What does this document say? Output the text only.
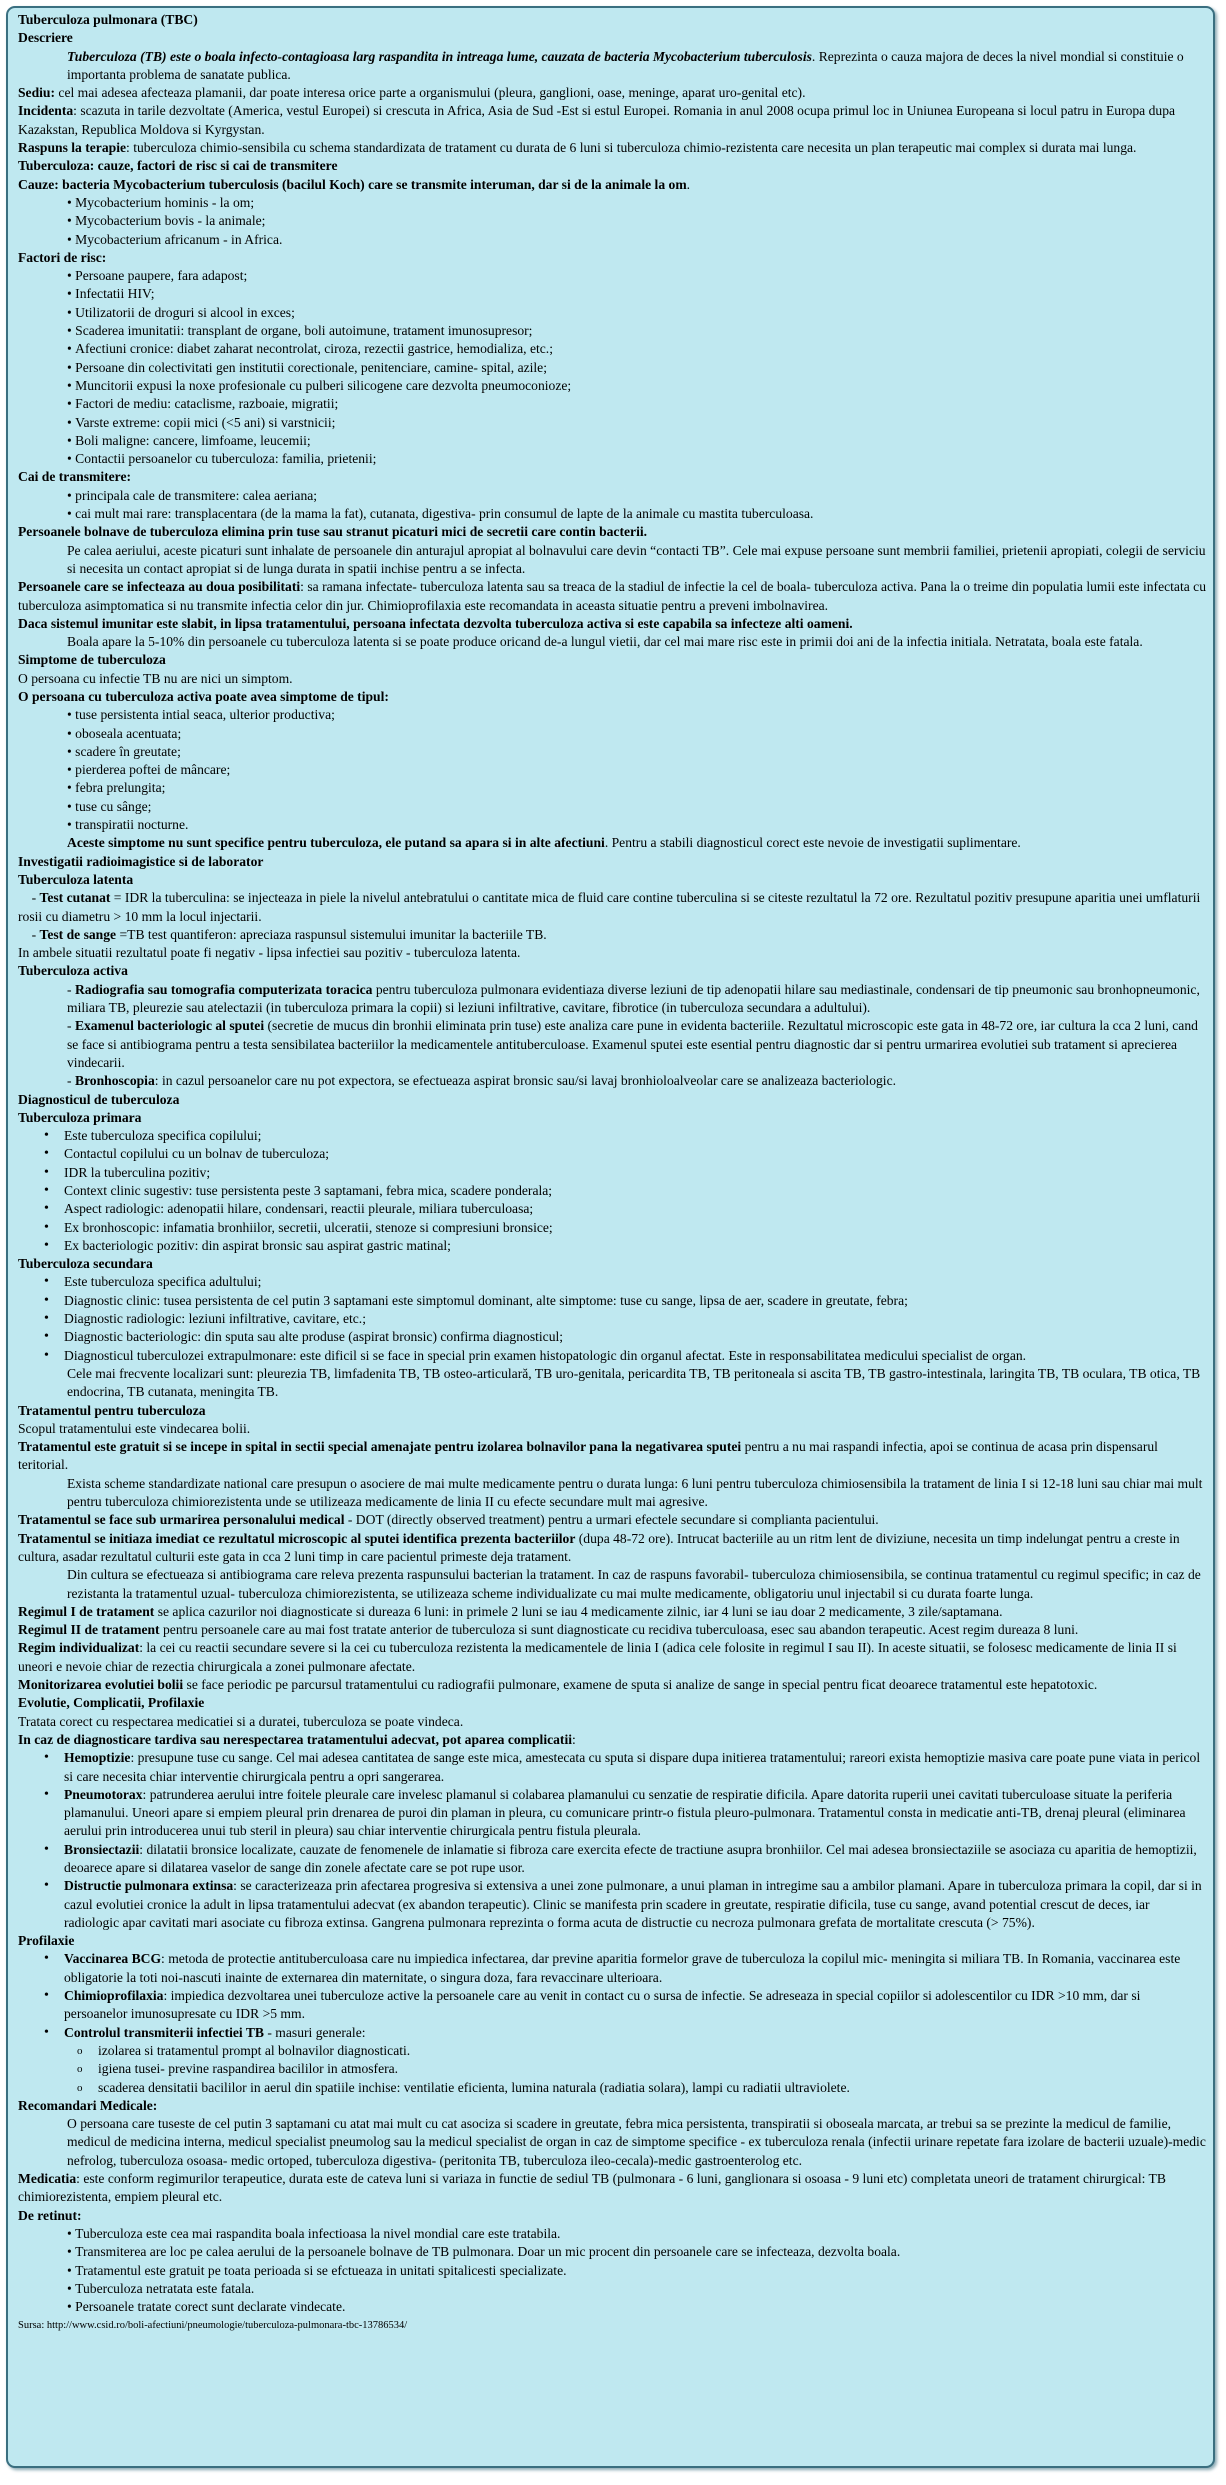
Tuberculoza pulmonara (TBC)

Descriere

Tuberculoza (TB) este o boala infecto-contagioasa larg raspandita in intreaga lume, cauzata de bacteria Mycobacterium tuberculosis. Reprezinta o cauza majora de deces la nivel mondial si constituie o importanta problema de sanatate publica.

Sediu: cel mai adesea afecteaza plamanii, dar poate interesa orice parte a organismului (pleura, ganglioni, oase, meninge, aparat uro-genital etc).

Incidenta: scazuta in tarile dezvoltate (America, vestul Europei) si crescuta in Africa, Asia de Sud -Est si estul Europei. Romania in anul 2008 ocupa primul loc in Uniunea Europeana si locul patru in Europa dupa Kazakstan, Republica Moldova si Kyrgystan.

Raspuns la terapie: tuberculoza chimio-sensibila cu schema standardizata de tratament cu durata de 6 luni si tuberculoza chimio-rezistenta care necesita un plan terapeutic mai complex si durata mai lunga.

Tuberculoza: cauze, factori de risc si cai de transmitere

Cauze: bacteria Mycobacterium tuberculosis (bacilul Koch) care se transmite interuman, dar si de la animale la om.

• Mycobacterium hominis - la om;

• Mycobacterium bovis - la animale;

• Mycobacterium africanum - in Africa.

Factori de risc:

• Persoane paupere, fara adapost;

• Infectatii HIV;

• Utilizatorii de droguri si alcool in exces;

• Scaderea imunitatii: transplant de organe, boli autoimune, tratament imunosupresor;

• Afectiuni cronice: diabet zaharat necontrolat, ciroza, rezectii gastrice, hemodializa, etc.;

• Persoane din colectivitati gen institutii corectionale, penitenciare, camine- spital, azile;

• Muncitorii expusi la noxe profesionale cu pulberi silicogene care dezvolta pneumoconioze;

• Factori de mediu: cataclisme, razboaie, migratii;

• Varste extreme: copii mici (<5 ani) si varstnicii;

• Boli maligne: cancere, limfoame, leucemii;

• Contactii persoanelor cu tuberculoza: familia, prietenii;

Cai de transmitere:

• principala cale de transmitere: calea aeriana;

• cai mult mai rare: transplacentara (de la mama la fat), cutanata, digestiva- prin consumul de lapte de la animale cu mastita tuberculoasa.

Persoanele bolnave de tuberculoza elimina prin tuse sau stranut picaturi mici de secretii care contin bacterii.

Pe calea aeriului, aceste picaturi sunt inhalate de persoanele din anturajul apropiat al bolnavului care devin “contacti TB”. Cele mai expuse persoane sunt membrii familiei, prietenii apropiati, colegii de serviciu si necesita un contact apropiat si de lunga durata in spatii inchise pentru a se infecta.

Persoanele care se infecteaza au doua posibilitati: sa ramana infectate- tuberculoza latenta sau sa treaca de la stadiul de infectie la cel de boala- tuberculoza activa. Pana la o treime din populatia lumii este infectata cu tuberculoza asimptomatica si nu transmite infectia celor din jur. Chimioprofilaxia este recomandata in aceasta situatie pentru a preveni imbolnavirea.

Daca sistemul imunitar este slabit, in lipsa tratamentului, persoana infectata dezvolta tuberculoza activa si este capabila sa infecteze alti oameni.

Boala apare la 5-10% din persoanele cu tuberculoza latenta si se poate produce oricand de-a lungul vietii, dar cel mai mare risc este in primii doi ani de la infectia initiala. Netratata, boala este fatala.

Simptome de tuberculoza

O persoana cu infectie TB nu are nici un simptom.

O persoana cu tuberculoza activa poate avea simptome de tipul:

• tuse persistenta intial seaca, ulterior productiva;

• oboseala acentuata;

• scadere în greutate;

• pierderea poftei de mâncare;

• febra prelungita;

• tuse cu sânge;

• transpiratii nocturne.

Aceste simptome nu sunt specifice pentru tuberculoza, ele putand sa apara si in alte afectiuni. Pentru a stabili diagnosticul corect este nevoie de investigatii suplimentare.

Investigatii radioimagistice si de laborator

Tuberculoza latenta

- Test cutanat = IDR la tuberculina: se injecteaza in piele la nivelul antebratului o cantitate mica de fluid care contine tuberculina si se citeste rezultatul la 72 ore. Rezultatul pozitiv presupune aparitia unei umflaturii rosii cu diametru > 10 mm la locul injectarii.

- Test de sange =TB test quantiferon: apreciaza raspunsul sistemului imunitar la bacteriile TB.

In ambele situatii rezultatul poate fi negativ - lipsa infectiei sau pozitiv - tuberculoza latenta.

Tuberculoza activa

- Radiografia sau tomografia computerizata toracica pentru tuberculoza pulmonara evidentiaza diverse leziuni de tip adenopatii hilare sau mediastinale, condensari de tip pneumonic sau bronhopneumonic, miliara TB, pleurezie sau atelectazii (in tuberculoza primara la copii) si leziuni infiltrative, cavitare, fibrotice (in tuberculoza secundara a adultului).

- Examenul bacteriologic al sputei (secretie de mucus din bronhii eliminata prin tuse) este analiza care pune in evidenta bacteriile. Rezultatul microscopic este gata in 48-72 ore, iar cultura la cca 2 luni, cand se face si antibiograma pentru a testa sensibilatea bacteriilor la medicamentele antituberculoase. Examenul sputei este esential pentru diagnostic dar si pentru urmarirea evolutiei sub tratament si aprecierea vindecarii.

- Bronhoscopia: in cazul persoanelor care nu pot expectora, se efectueaza aspirat bronsic sau/si lavaj bronhioloalveolar care se analizeaza bacteriologic.

Diagnosticul de tuberculoza

Tuberculoza primara

• Este tuberculoza specifica copilului;

• Contactul copilului cu un bolnav de tuberculoza;

• IDR la tuberculina pozitiv;

• Context clinic sugestiv: tuse persistenta peste 3 saptamani, febra mica, scadere ponderala;

• Aspect radiologic: adenopatii hilare, condensari, reactii pleurale, miliara tuberculoasa;

• Ex bronhoscopic: infamatia bronhiilor, secretii, ulceratii, stenoze si compresiuni bronsice;

• Ex bacteriologic pozitiv: din aspirat bronsic sau aspirat gastric matinal;

Tuberculoza secundara

• Este tuberculoza specifica adultului;

• Diagnostic clinic: tusea persistenta de cel putin 3 saptamani este simptomul dominant, alte simptome: tuse cu sange, lipsa de aer, scadere in greutate, febra;

• Diagnostic radiologic: leziuni infiltrative, cavitare, etc.;

• Diagnostic bacteriologic: din sputa sau alte produse (aspirat bronsic) confirma diagnosticul;

• Diagnosticul tuberculozei extrapulmonare: este dificil si se face in special prin examen histopatologic din organul afectat. Este in responsabilitatea medicului specialist de organ.

Cele mai frecvente localizari sunt: pleurezia TB, limfadenita TB, TB osteo-articulară, TB uro-genitala, pericardita TB, TB peritoneala si ascita TB, TB gastro-intestinala, laringita TB, TB oculara, TB otica, TB endocrina, TB cutanata, meningita TB.

Tratamentul pentru tuberculoza

Scopul tratamentului este vindecarea bolii.

Tratamentul este gratuit si se incepe in spital in sectii special amenajate pentru izolarea bolnavilor pana la negativarea sputei pentru a nu mai raspandi infectia, apoi se continua de acasa prin dispensarul teritorial.

Exista scheme standardizate national care presupun o asociere de mai multe medicamente pentru o durata lunga: 6 luni pentru tuberculoza chimiosensibila la tratament de linia I si 12-18 luni sau chiar mai mult pentru tuberculoza chimiorezistenta unde se utilizeaza medicamente de linia II cu efecte secundare mult mai agresive.

Tratamentul se face sub urmarirea personalului medical - DOT (directly observed treatment) pentru a urmari efectele secundare si complianta pacientului.

Tratamentul se initiaza imediat ce rezultatul microscopic al sputei identifica prezenta bacteriilor (dupa 48-72 ore). Intrucat bacteriile au un ritm lent de diviziune, necesita un timp indelungat pentru a creste in cultura, asadar rezultatul culturii este gata in cca 2 luni timp in care pacientul primeste deja tratament.

Din cultura se efectueaza si antibiograma care releva prezenta raspunsului bacterian la tratament. In caz de raspuns favorabil- tuberculoza chimiosensibila, se continua tratamentul cu regimul specific; in caz de rezistanta la tratamentul uzual- tuberculoza chimiorezistenta, se utilizeaza scheme individualizate cu mai multe medicamente, obligatoriu unul injectabil si cu durata foarte lunga.

Regimul I de tratament se aplica cazurilor noi diagnosticate si dureaza 6 luni: in primele 2 luni se iau 4 medicamente zilnic, iar 4 luni se iau doar 2 medicamente, 3 zile/saptamana.

Regimul II de tratament pentru persoanele care au mai fost tratate anterior de tuberculoza si sunt diagnosticate cu recidiva tuberculoasa, esec sau abandon terapeutic. Acest regim dureaza 8 luni.

Regim individualizat: la cei cu reactii secundare severe si la cei cu tuberculoza rezistenta la medicamentele de linia I (adica cele folosite in regimul I sau II). In aceste situatii, se folosesc medicamente de linia II si uneori e nevoie chiar de rezectia chirurgicala a zonei pulmonare afectate.

Monitorizarea evolutiei bolii se face periodic pe parcursul tratamentului cu radiografii pulmonare, examene de sputa si analize de sange in special pentru ficat deoarece tratamentul este hepatotoxic.

Evolutie, Complicatii, Profilaxie

Tratata corect cu respectarea medicatiei si a duratei, tuberculoza se poate vindeca.

In caz de diagnosticare tardiva sau nerespectarea tratamentului adecvat, pot aparea complicatii:

• Hemoptizie: presupune tuse cu sange. Cel mai adesea cantitatea de sange este mica, amestecata cu sputa si dispare dupa initierea tratamentului; rareori exista hemoptizie masiva care poate pune viata in pericol si care necesita chiar interventie chirurgicala pentru a opri sangerarea.

• Pneumotorax: patrunderea aerului intre foitele pleurale care invelesc plamanul si colabarea plamanului cu senzatie de respiratie dificila. Apare datorita ruperii unei cavitati tuberculoase situate la periferia plamanului. Uneori apare si empiem pleural prin drenarea de puroi din plaman in pleura, cu comunicare printr-o fistula pleuro-pulmonara. Tratamentul consta in medicatie anti-TB, drenaj pleural (eliminarea aerului prin introducerea unui tub steril in pleura) sau chiar interventie chirurgicala pentru fistula pleurala.

• Bronsiectazii: dilatatii bronsice localizate, cauzate de fenomenele de inlamatie si fibroza care exercita efecte de tractiune asupra bronhiilor. Cel mai adesea bronsiectaziile se asociaza cu aparitia de hemoptizii, deoarece apare si dilatarea vaselor de sange din zonele afectate care se pot rupe usor.

• Distructie pulmonara extinsa: se caracterizeaza prin afectarea progresiva si extensiva a unei zone pulmonare, a unui plaman in intregime sau a ambilor plamani. Apare in tuberculoza primara la copil, dar si in cazul evolutiei cronice la adult in lipsa tratamentului adecvat (ex abandon terapeutic). Clinic se manifesta prin scadere in greutate, respiratie dificila, tuse cu sange, avand potential crescut de deces, iar radiologic apar cavitati mari asociate cu fibroza extinsa. Gangrena pulmonara reprezinta o forma acuta de distructie cu necroza pulmonara grefata de mortalitate crescuta (> 75%).

Profilaxie

• Vaccinarea BCG: metoda de protectie antituberculoasa care nu impiedica infectarea, dar previne aparitia formelor grave de tuberculoza la copilul mic- meningita si miliara TB. In Romania, vaccinarea este obligatorie la toti noi-nascuti inainte de externarea din maternitate, o singura doza, fara revaccinare ulterioara.

• Chimioprofilaxia: impiedica dezvoltarea unei tuberculoze active la persoanele care au venit in contact cu o sursa de infectie. Se adreseaza in special copiilor si adolescentilor cu IDR >10 mm, dar si persoanelor imunosupresate cu IDR >5 mm.

• Controlul transmiterii infectiei TB - masuri generale:

o izolarea si tratamentul prompt al bolnavilor diagnosticati.

o igiena tusei- previne raspandirea bacililor in atmosfera.

o scaderea densitatii bacililor in aerul din spatiile inchise: ventilatie eficienta, lumina naturala (radiatia solara), lampi cu radiatii ultraviolete.

Recomandari Medicale:

O persoana care tuseste de cel putin 3 saptamani cu atat mai mult cu cat asociza si scadere in greutate, febra mica persistenta, transpiratii si oboseala marcata, ar trebui sa se prezinte la medicul de familie, medicul de medicina interna, medicul specialist pneumolog sau la medicul specialist de organ in caz de simptome specifice - ex tuberculoza renala (infectii urinare repetate fara izolare de bacterii uzuale)-medic nefrolog, tuberculoza osoasa- medic ortoped, tuberculoza digestiva- (peritonita TB, tuberculoza ileo-cecala)-medic gastroenterolog etc.

Medicatia: este conform regimurilor terapeutice, durata este de cateva luni si variaza in functie de sediul TB (pulmonara - 6 luni, ganglionara si osoasa - 9 luni etc) completata uneori de tratament chirurgical: TB chimiorezistenta, empiem pleural etc.

De retinut:

• Tuberculoza este cea mai raspandita boala infectioasa la nivel mondial care este tratabila.

• Transmiterea are loc pe calea aerului de la persoanele bolnave de TB pulmonara. Doar un mic procent din persoanele care se infecteaza, dezvolta boala.

• Tratamentul este gratuit pe toata perioada si se efctueaza in unitati spitalicesti specializate.

• Tuberculoza netratata este fatala.

• Persoanele tratate corect sunt declarate vindecate.

Sursa: http://www.csid.ro/boli-afectiuni/pneumologie/tuberculoza-pulmonara-tbc-13786534/
